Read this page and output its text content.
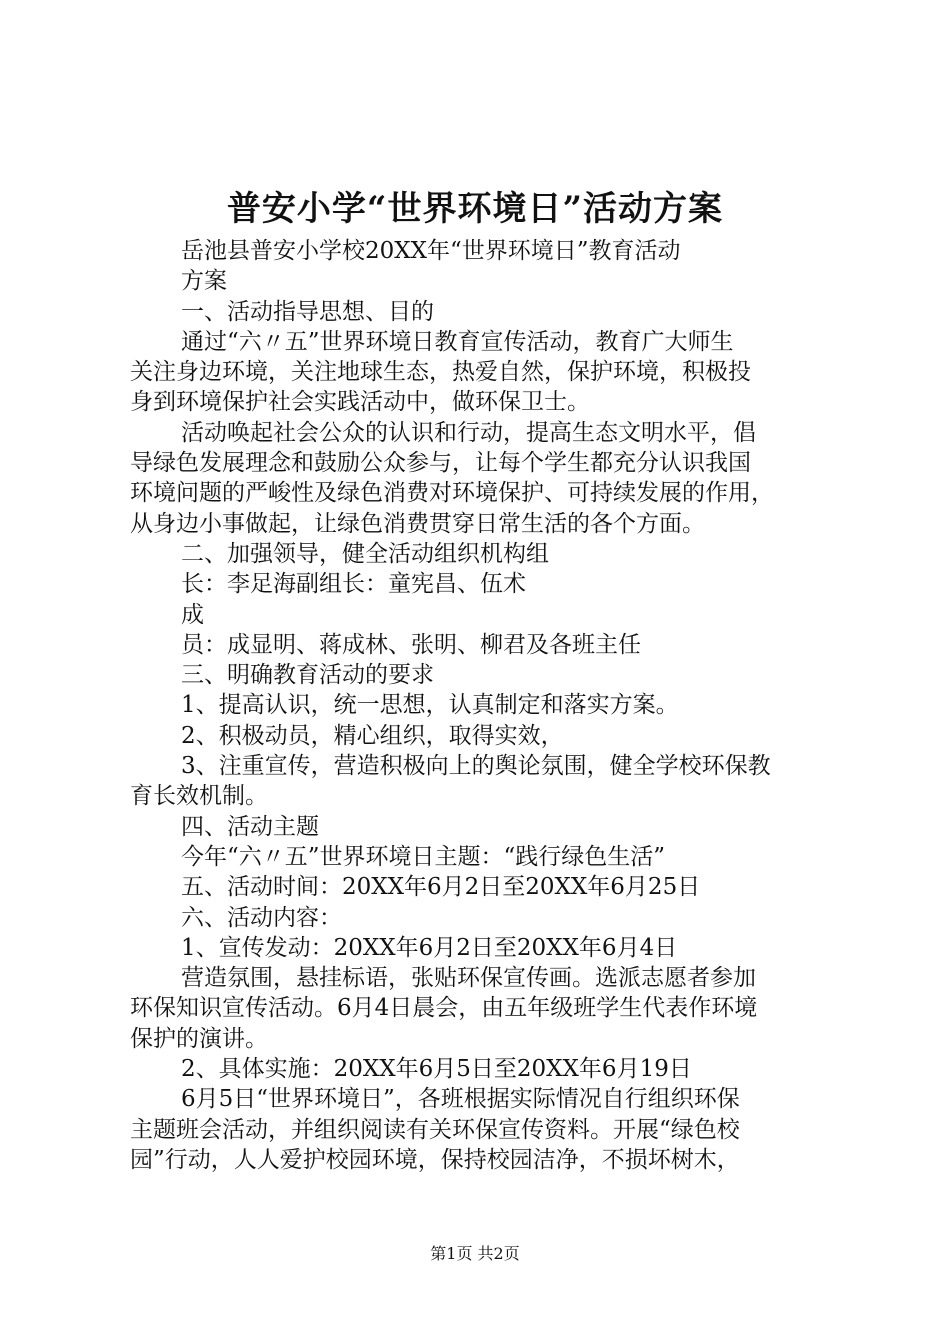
普安小学“世界环境日”活动方案
岳池县普安小学校20XX年“世界环境日”教育活动
方案
一、活动指导思想、目的
通过“六〃五”世界环境日教育宣传活动，教育广大师生
关注身边环境，关注地球生态，热爱自然，保护环境，积极投
身到环境保护社会实践活动中，做环保卫士。
活动唤起社会公众的认识和行动，提高生态文明水平，倡
导绿色发展理念和鼓励公众参与，让每个学生都充分认识我国
环境问题的严峻性及绿色消费对环境保护、可持续发展的作用，
从身边小事做起，让绿色消费贯穿日常生活的各个方面。
二、加强领导，健全活动组织机构组
长：李足海副组长：童宪昌、伍术
成
员：成显明、蒋成林、张明、柳君及各班主任
三、明确教育活动的要求
1、提高认识，统一思想，认真制定和落实方案。
2、积极动员，精心组织，取得实效，
3、注重宣传，营造积极向上的舆论氛围，健全学校环保教
育长效机制。
四、活动主题
今年“六〃五”世界环境日主题：“践行绿色生活”
五、活动时间：20XX年6月2日至20XX年6月25日
六、活动内容：
1、宣传发动：20XX年6月2日至20XX年6月4日
营造氛围，悬挂标语，张贴环保宣传画。选派志愿者参加
环保知识宣传活动。6月4日晨会，由五年级班学生代表作环境
保护的演讲。
2、具体实施：20XX年6月5日至20XX年6月19日
6月5日“世界环境日”，各班根据实际情况自行组织环保
主题班会活动，并组织阅读有关环保宣传资料。开展“绿色校
园”行动，人人爱护校园环境，保持校园洁净，不损坏树木，
第1页 共2页
